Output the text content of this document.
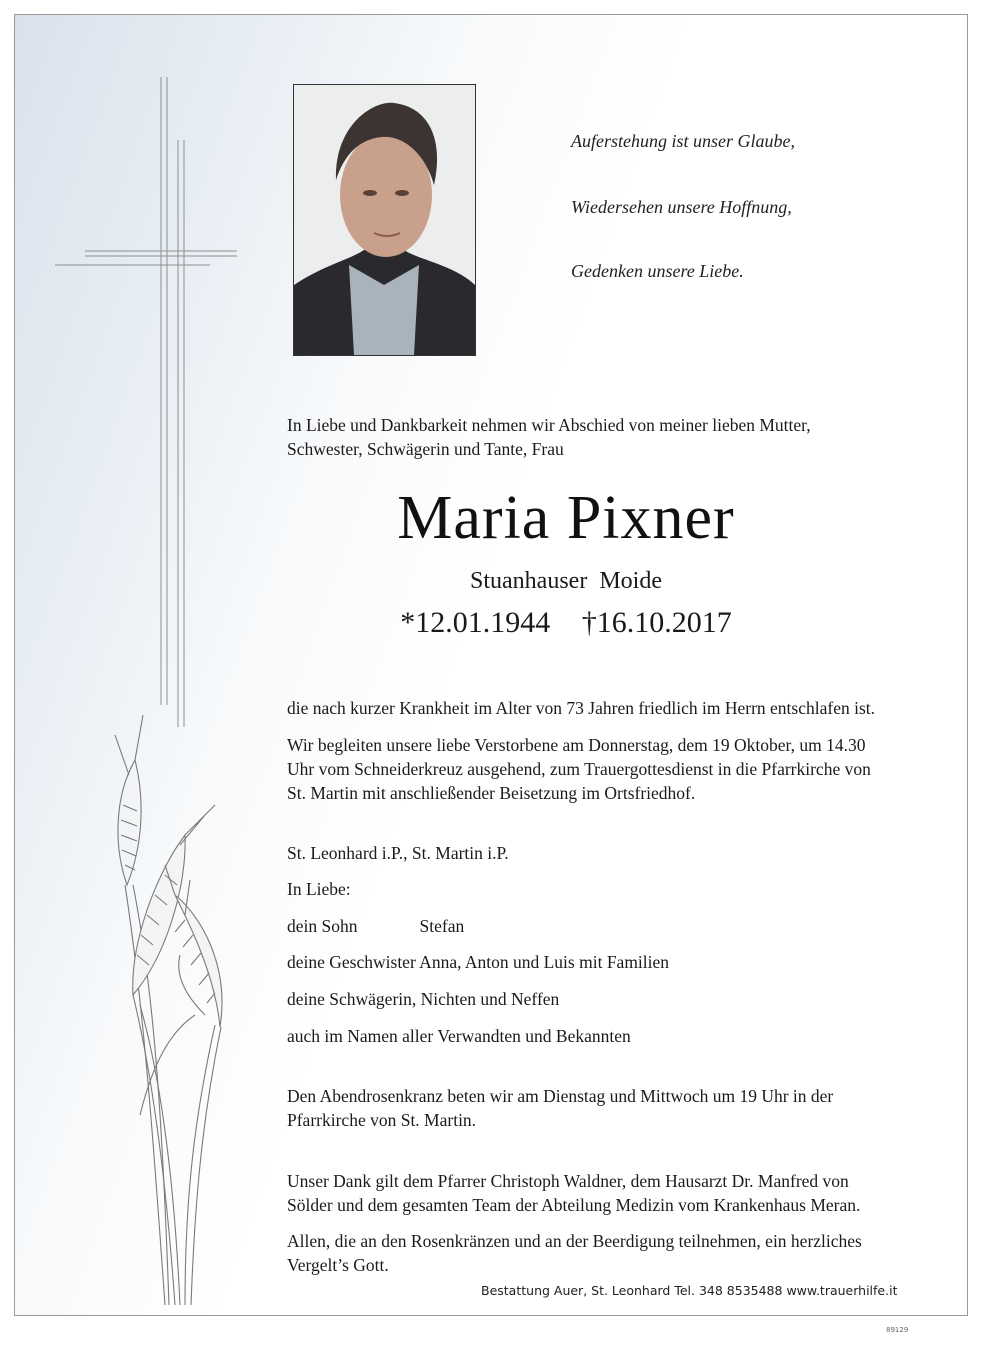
Auferstehung ist unser Glaube,
Wiedersehen unsere Hoffnung,
Gedenken unsere Liebe.
In Liebe und Dankbarkeit nehmen wir Abschied von meiner lieben Mutter,
Schwester, Schwägerin und Tante, Frau
Maria Pixner
Stuanhauser Moide
*12.01.1944 †16.10.2017
die nach kurzer Krankheit im Alter von 73 Jahren friedlich im Herrn entschlafen ist.
Wir begleiten unsere liebe Verstorbene am Donnerstag, dem 19 Oktober, um 14.30
Uhr vom Schneiderkreuz ausgehend, zum Trauergottesdienst in die Pfarrkirche von
St. Martin mit anschließender Beisetzung im Ortsfriedhof.
St. Leonhard i.P., St. Martin i.P.
In Liebe:
dein Sohn	Stefan
deine Geschwister Anna, Anton und Luis mit Familien
deine Schwägerin, Nichten und Neffen
auch im Namen aller Verwandten und Bekannten
Den Abendrosenkranz beten wir am Dienstag und Mittwoch um 19 Uhr in der
Pfarrkirche von St. Martin.
Unser Dank gilt dem Pfarrer Christoph Waldner, dem Hausarzt Dr. Manfred von
Sölder und dem gesamten Team der Abteilung Medizin vom Krankenhaus Meran.
Allen, die an den Rosenkränzen und an der Beerdigung teilnehmen, ein herzliches
Vergelt’s Gott.
Bestattung Auer, St. Leonhard Tel. 348 8535488 www.trauerhilfe.it
89129
